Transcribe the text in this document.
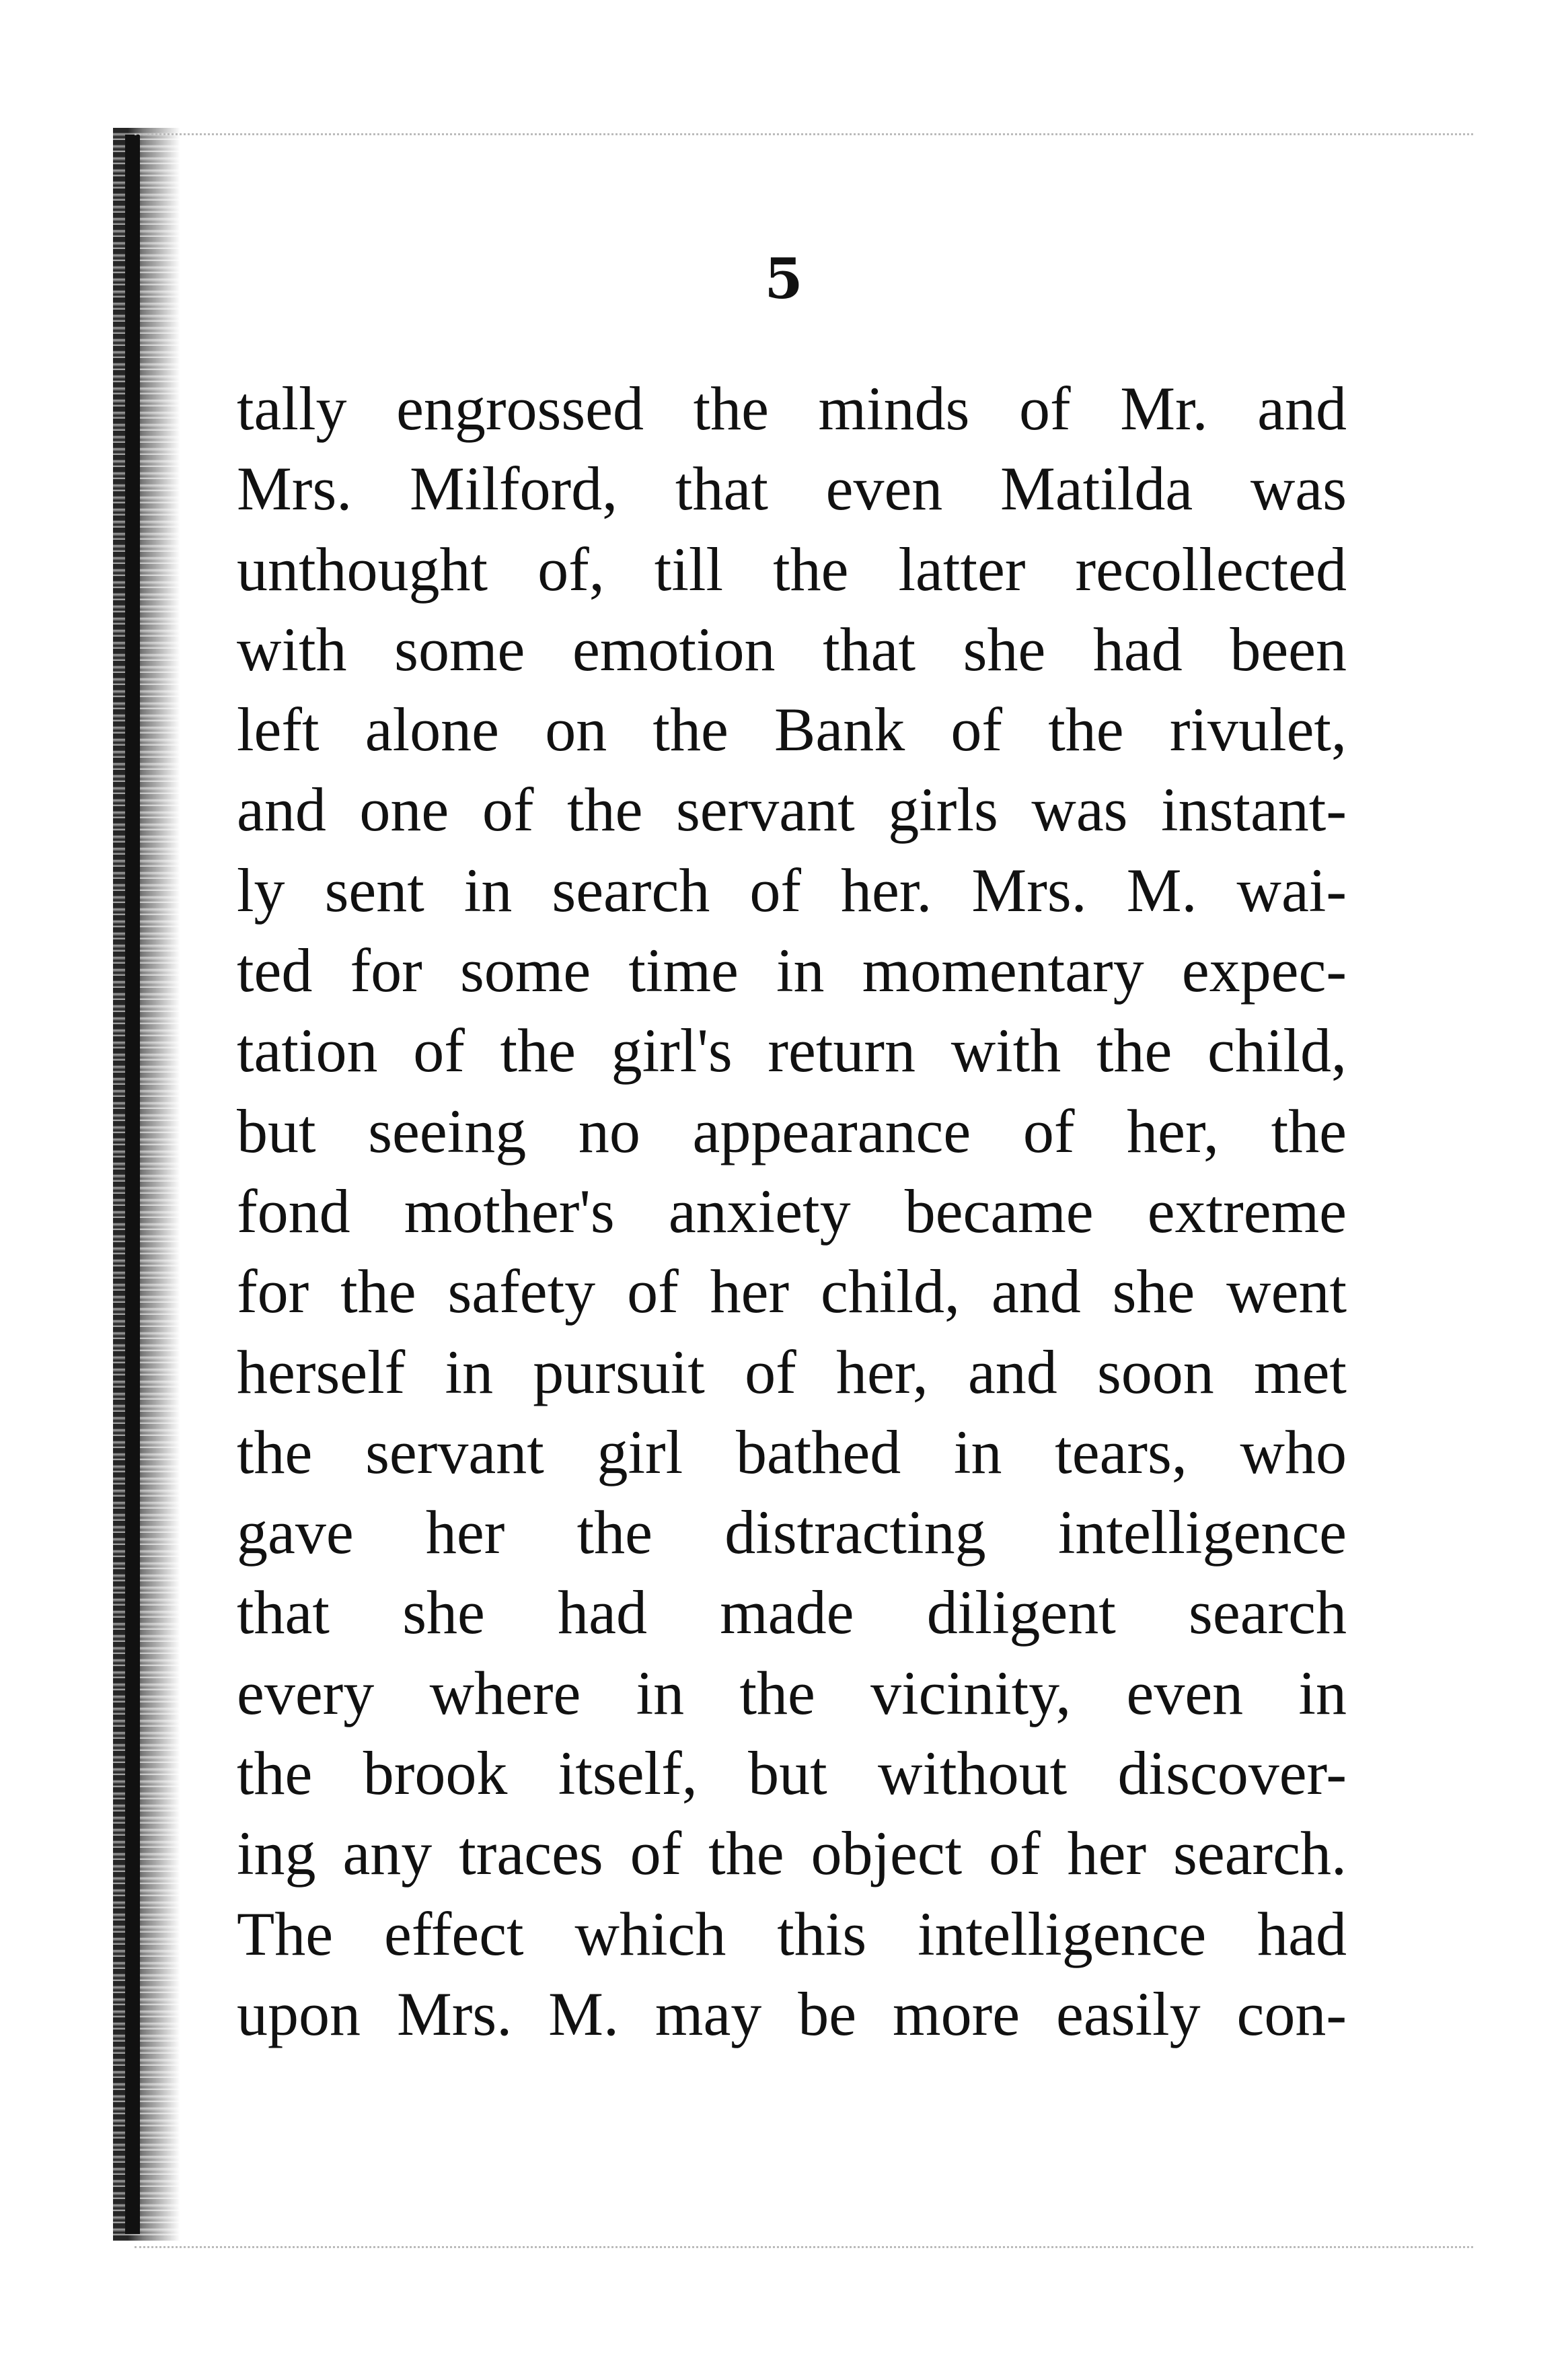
5
tally engrossed the minds of Mr. and
Mrs. Milford, that even Matilda was
unthought of, till the latter recollected
with some emotion that she had been
left alone on the Bank of the rivulet,
and one of the servant girls was instant-
ly sent in search of her. Mrs. M. wai-
ted for some time in momentary expec-
tation of the girl's return with the child,
but seeing no appearance of her, the
fond mother's anxiety became extreme
for the safety of her child, and she went
herself in pursuit of her, and soon met
the servant girl bathed in tears, who
gave her the distracting intelligence
that she had made diligent search
every where in the vicinity, even in
the brook itself, but without discover-
ing any traces of the object of her search.
The effect which this intelligence had
upon Mrs. M. may be more easily con-
